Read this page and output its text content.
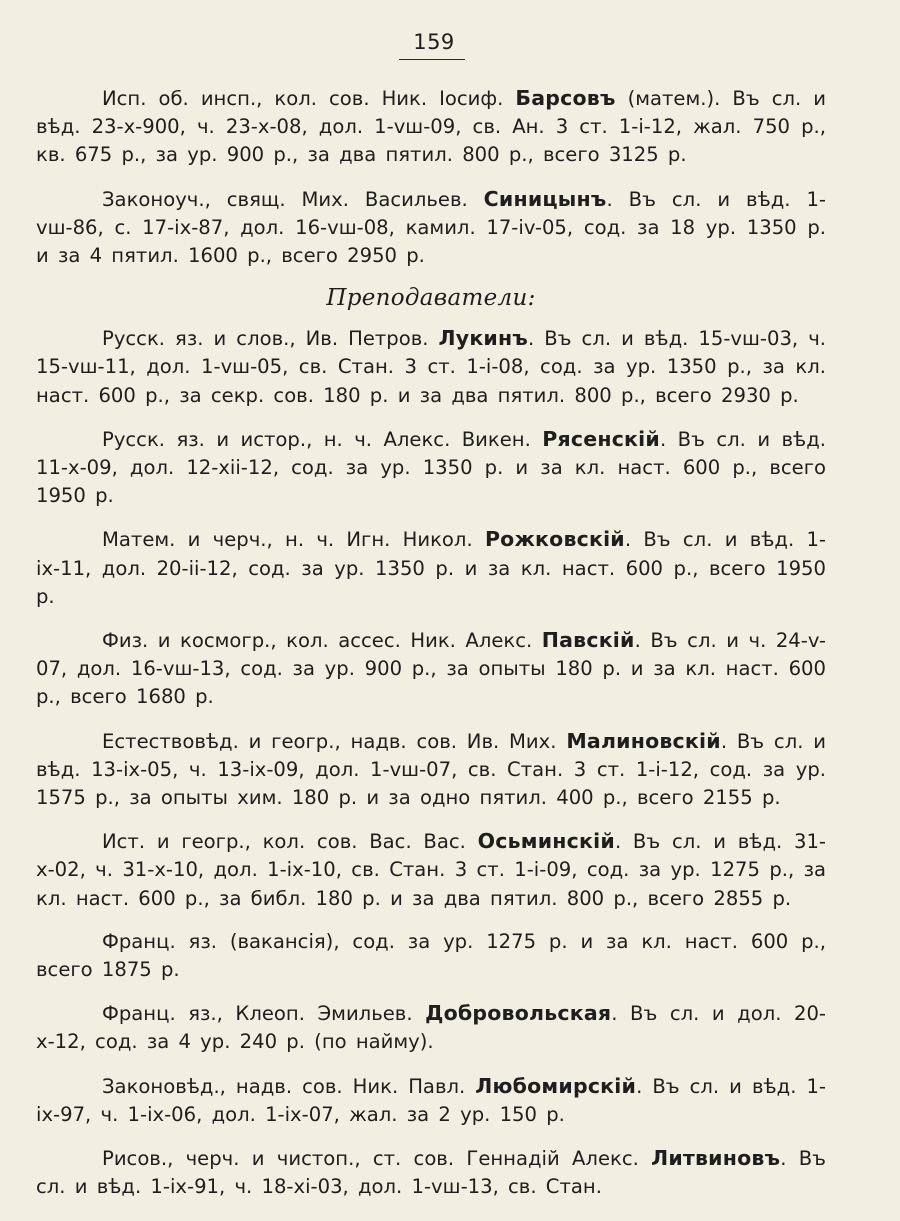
159

Исп. об. инсп., кол. сов. Ник. Іосиф. Барсовъ (матем.). Въ сл. и вѣд. 23-х-900, ч. 23-х-08, дол. 1-vш-09, св. Ан. 3 ст. 1-і-12, жал. 750 р., кв. 675 р., за ур. 900 р., за два пятил. 800 р., всего 3125 р.

Законоуч., свящ. Мих. Васильев. Синицынъ. Въ сл. и вѣд. 1-vш-86, с. 17-іх-87, дол. 16-vш-08, камил. 17-іv-05, сод. за 18 ур. 1350 р. и за 4 пятил. 1600 р., всего 2950 р.

Преподаватели:

Русск. яз. и слов., Ив. Петров. Лукинъ. Въ сл. и вѣд. 15-vш-03, ч. 15-vш-11, дол. 1-vш-05, св. Стан. 3 ст. 1-і-08, сод. за ур. 1350 р., за кл. наст. 600 р., за секр. сов. 180 р. и за два пятил. 800 р., всего 2930 р.

Русск. яз. и истор., н. ч. Алекс. Викен. Рясенскій. Въ сл. и вѣд. 11-х-09, дол. 12-хіі-12, сод. за ур. 1350 р. и за кл. наст. 600 р., всего 1950 р.

Матем. и черч., н. ч. Игн. Никол. Рожковскій. Въ сл. и вѣд. 1-іх-11, дол. 20-іі-12, сод. за ур. 1350 р. и за кл. наст. 600 р., всего 1950 р.

Физ. и космогр., кол. ассес. Ник. Алекс. Павскій. Въ сл. и ч. 24-v-07, дол. 16-vш-13, сод. за ур. 900 р., за опыты 180 р. и за кл. наст. 600 р., всего 1680 р.

Естествовѣд. и геогр., надв. сов. Ив. Мих. Малиновскій. Въ сл. и вѣд. 13-іх-05, ч. 13-іх-09, дол. 1-vш-07, св. Стан. 3 ст. 1-і-12, сод. за ур. 1575 р., за опыты хим. 180 р. и за одно пятил. 400 р., всего 2155 р.

Ист. и геогр., кол. сов. Вас. Вас. Осьминскій. Въ сл. и вѣд. 31-х-02, ч. 31-х-10, дол. 1-іх-10, св. Стан. 3 ст. 1-і-09, сод. за ур. 1275 р., за кл. наст. 600 р., за библ. 180 р. и за два пятил. 800 р., всего 2855 р.

Франц. яз. (вакансія), сод. за ур. 1275 р. и за кл. наст. 600 р., всего 1875 р.

Франц. яз., Клеоп. Эмильев. Добровольская. Въ сл. и дол. 20-х-12, сод. за 4 ур. 240 р. (по найму).

Законовѣд., надв. сов. Ник. Павл. Любомирскій. Въ сл. и вѣд. 1-іх-97, ч. 1-іх-06, дол. 1-іх-07, жал. за 2 ур. 150 р.

Рисов., черч. и чистоп., ст. сов. Геннадій Алекс. Литвиновъ. Въ сл. и вѣд. 1-іх-91, ч. 18-хі-03, дол. 1-vш-13, св. Стан.
